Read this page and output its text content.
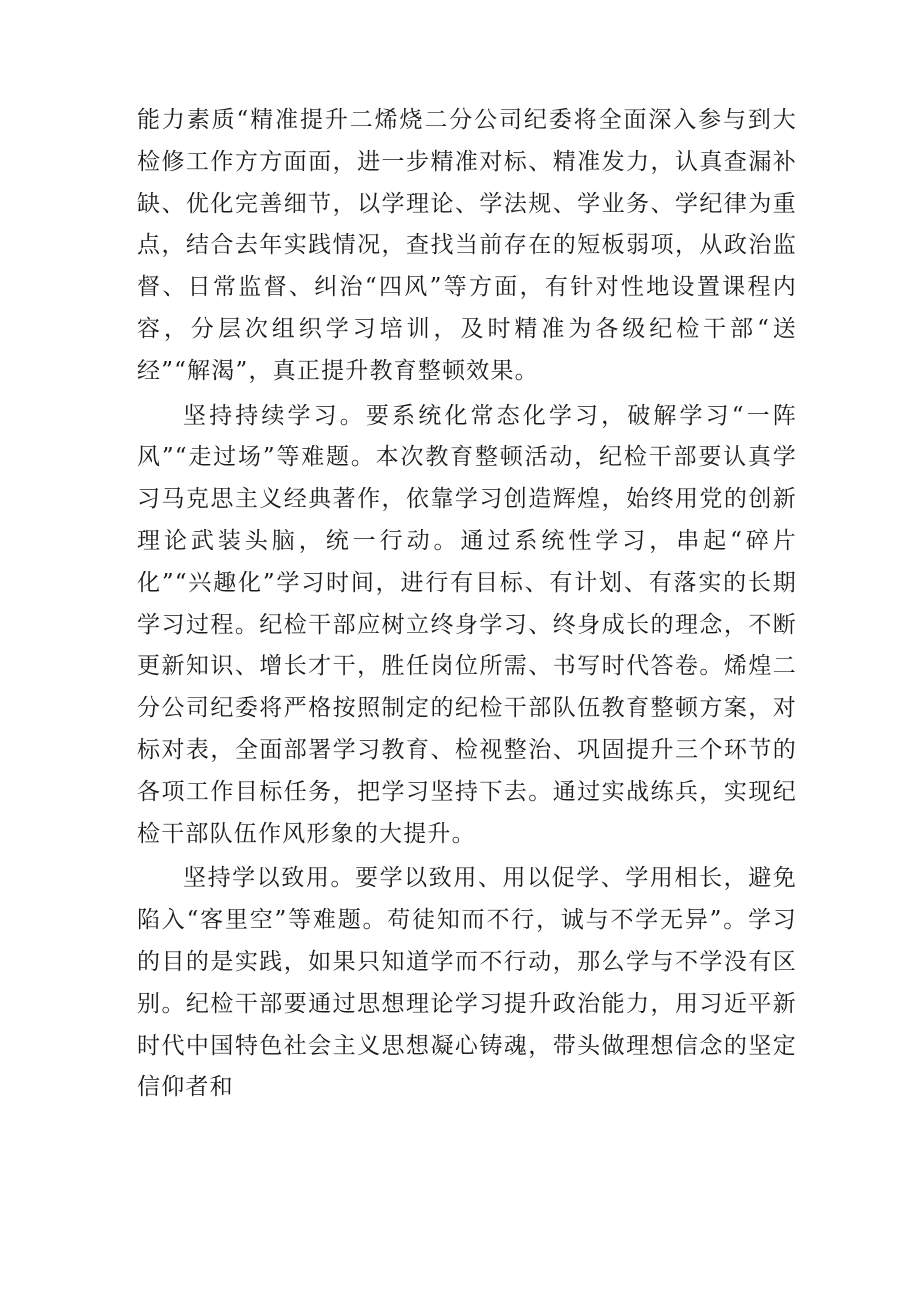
能力素质“精准提升二烯烧二分公司纪委将全面深入参与到大检修工作方方面面，进一步精准对标、精准发力，认真查漏补缺、优化完善细节，以学理论、学法规、学业务、学纪律为重点，结合去年实践情况，查找当前存在的短板弱项，从政治监督、日常监督、纠治“四风”等方面，有针对性地设置课程内容，分层次组织学习培训，及时精准为各级纪检干部“送经”“解渴”，真正提升教育整顿效果。

坚持持续学习。要系统化常态化学习，破解学习“一阵风”“走过场”等难题。本次教育整顿活动，纪检干部要认真学习马克思主义经典著作，依靠学习创造辉煌，始终用党的创新理论武装头脑，统一行动。通过系统性学习，串起“碎片化”“兴趣化”学习时间，进行有目标、有计划、有落实的长期学习过程。纪检干部应树立终身学习、终身成长的理念，不断更新知识、增长才干，胜任岗位所需、书写时代答卷。烯煌二分公司纪委将严格按照制定的纪检干部队伍教育整顿方案，对标对表，全面部署学习教育、检视整治、巩固提升三个环节的各项工作目标任务，把学习坚持下去。通过实战练兵，实现纪检干部队伍作风形象的大提升。

坚持学以致用。要学以致用、用以促学、学用相长，避免陷入“客里空”等难题。苟徒知而不行，诚与不学无异”。学习的目的是实践，如果只知道学而不行动，那么学与不学没有区别。纪检干部要通过思想理论学习提升政治能力，用习近平新时代中国特色社会主义思想凝心铸魂，带头做理想信念的坚定信仰者和
